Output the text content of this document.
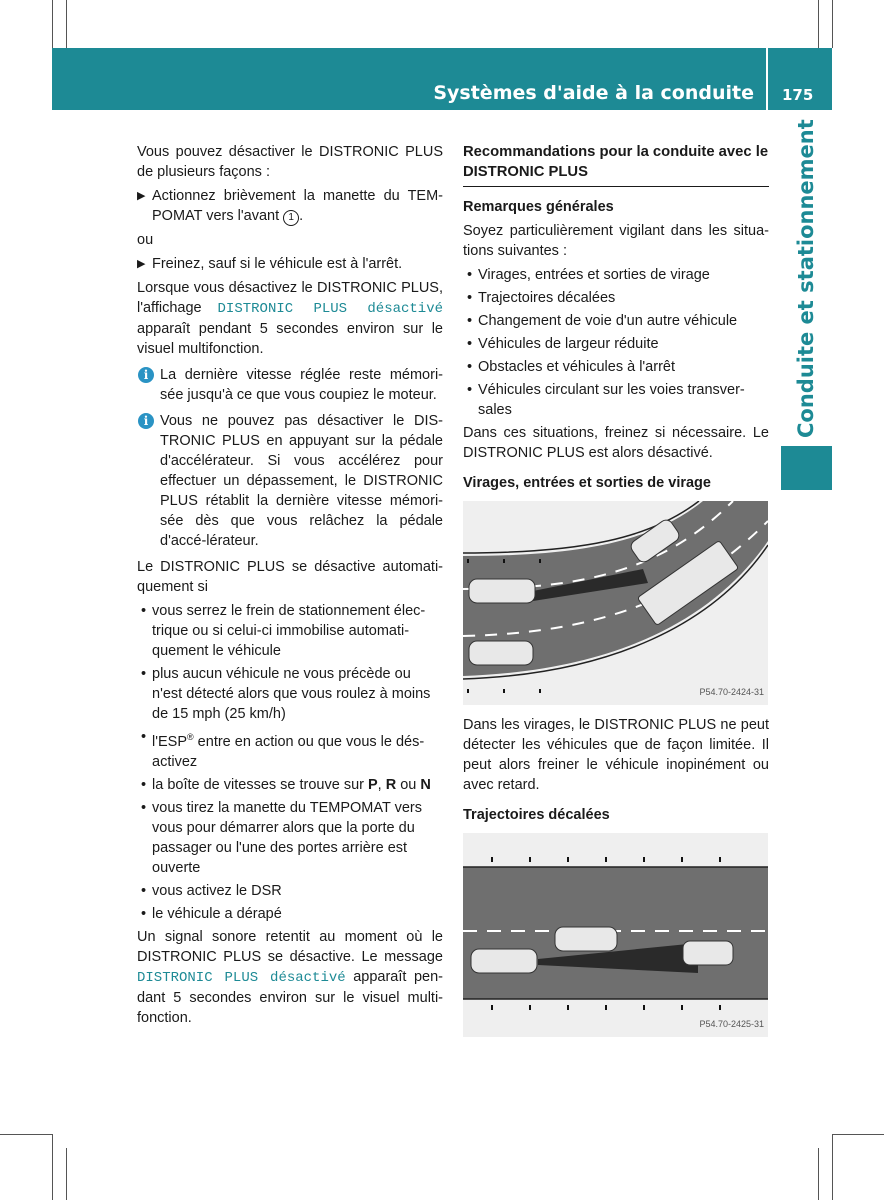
Systèmes d'aide à la conduite 175
Conduite et stationnement

Vous pouvez désactiver le DISTRONIC PLUS de plusieurs façons :

▶ Actionnez brièvement la manette du TEM-POMAT vers l'avant 1 .

ou

▶ Freinez, sauf si le véhicule est à l'arrêt.

Lorsque vous désactivez le DISTRONIC PLUS, l'affichage DISTRONIC PLUS désactivé apparaît pendant 5 secondes environ sur le visuel multifonction.

i La dernière vitesse réglée reste mémori-sée jusqu'à ce que vous coupiez le moteur.
i Vous ne pouvez pas désactiver le DIS-TRONIC PLUS en appuyant sur la pédale d'accélérateur. Si vous accélérez pour effectuer un dépassement, le DISTRONIC PLUS rétablit la dernière vitesse mémori-sée dès que vous relâchez la pédale d'accé-lérateur.

Le DISTRONIC PLUS se désactive automati-quement si

• vous serrez le frein de stationnement élec-trique ou si celui-ci immobilise automati-quement le véhicule
• plus aucun véhicule ne vous précède ou n'est détecté alors que vous roulez à moins de 15 mph (25 km/h)
• l'ESP® entre en action ou que vous le dés-activez
• la boîte de vitesses se trouve sur P, R ou N
• vous tirez la manette du TEMPOMAT vers vous pour démarrer alors que la porte du passager ou l'une des portes arrière est ouverte
• vous activez le DSR
• le véhicule a dérapé

Un signal sonore retentit au moment où le DISTRONIC PLUS se désactive. Le message DISTRONIC PLUS désactivé apparaît pen-dant 5 secondes environ sur le visuel multi-fonction.

Recommandations pour la conduite avec le DISTRONIC PLUS
Remarques générales

Soyez particulièrement vigilant dans les situa-tions suivantes :

• Virages, entrées et sorties de virage
• Trajectoires décalées
• Changement de voie d'un autre véhicule
• Véhicules de largeur réduite
• Obstacles et véhicules à l'arrêt
• Véhicules circulant sur les voies transver-sales

Dans ces situations, freinez si nécessaire. Le DISTRONIC PLUS est alors désactivé.

Virages, entrées et sorties de virage
P54.70-2424-31

Dans les virages, le DISTRONIC PLUS ne peut détecter les véhicules que de façon limitée. Il peut alors freiner le véhicule inopinément ou avec retard.

Trajectoires décalées
P54.70-2425-31
